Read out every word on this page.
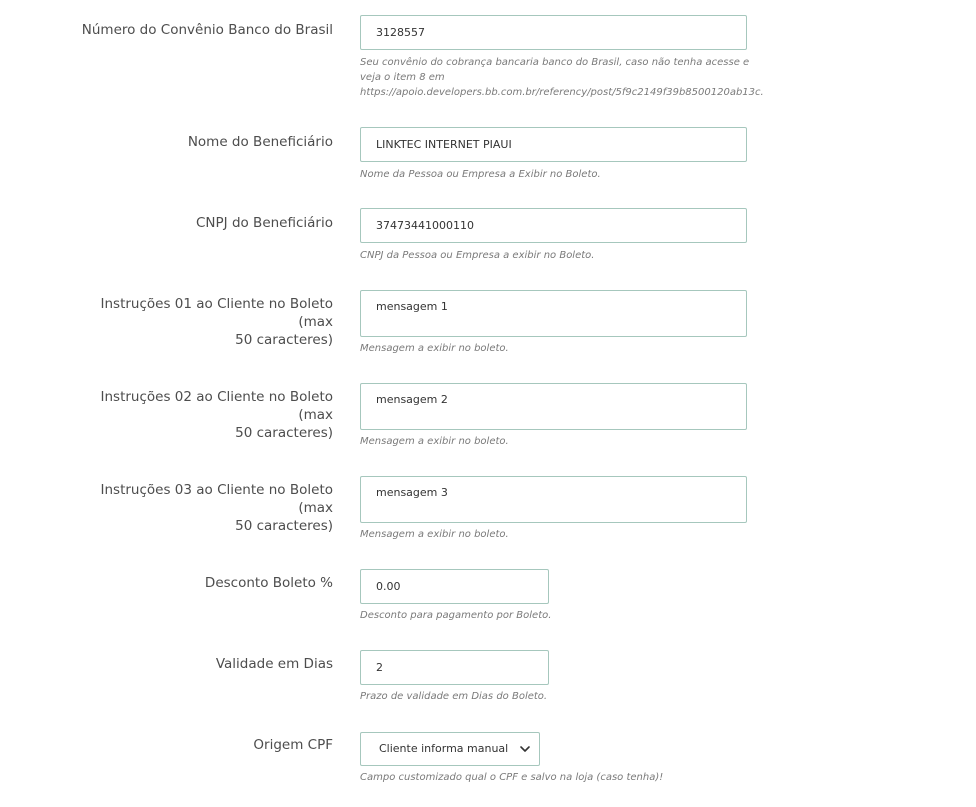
Número do Convênio Banco do Brasil
3128557
Seu convênio do cobrança bancaria banco do Brasil, caso não tenha acesse e
veja o item 8 em
https://apoio.developers.bb.com.br/referency/post/5f9c2149f39b8500120ab13c.
Nome do Beneficiário
LINKTEC INTERNET PIAUI
Nome da Pessoa ou Empresa a Exibir no Boleto.
CNPJ do Beneficiário
37473441000110
CNPJ da Pessoa ou Empresa a exibir no Boleto.
Instruções 01 ao Cliente no Boleto (max
50 caracteres)
mensagem 1
Mensagem a exibir no boleto.
Instruções 02 ao Cliente no Boleto (max
50 caracteres)
mensagem 2
Mensagem a exibir no boleto.
Instruções 03 ao Cliente no Boleto (max
50 caracteres)
mensagem 3
Mensagem a exibir no boleto.
Desconto Boleto %
0.00
Desconto para pagamento por Boleto.
Validade em Dias
2
Prazo de validade em Dias do Boleto.
Origem CPF	Cliente informa manual
Campo customizado qual o CPF e salvo na loja (caso tenha)!
